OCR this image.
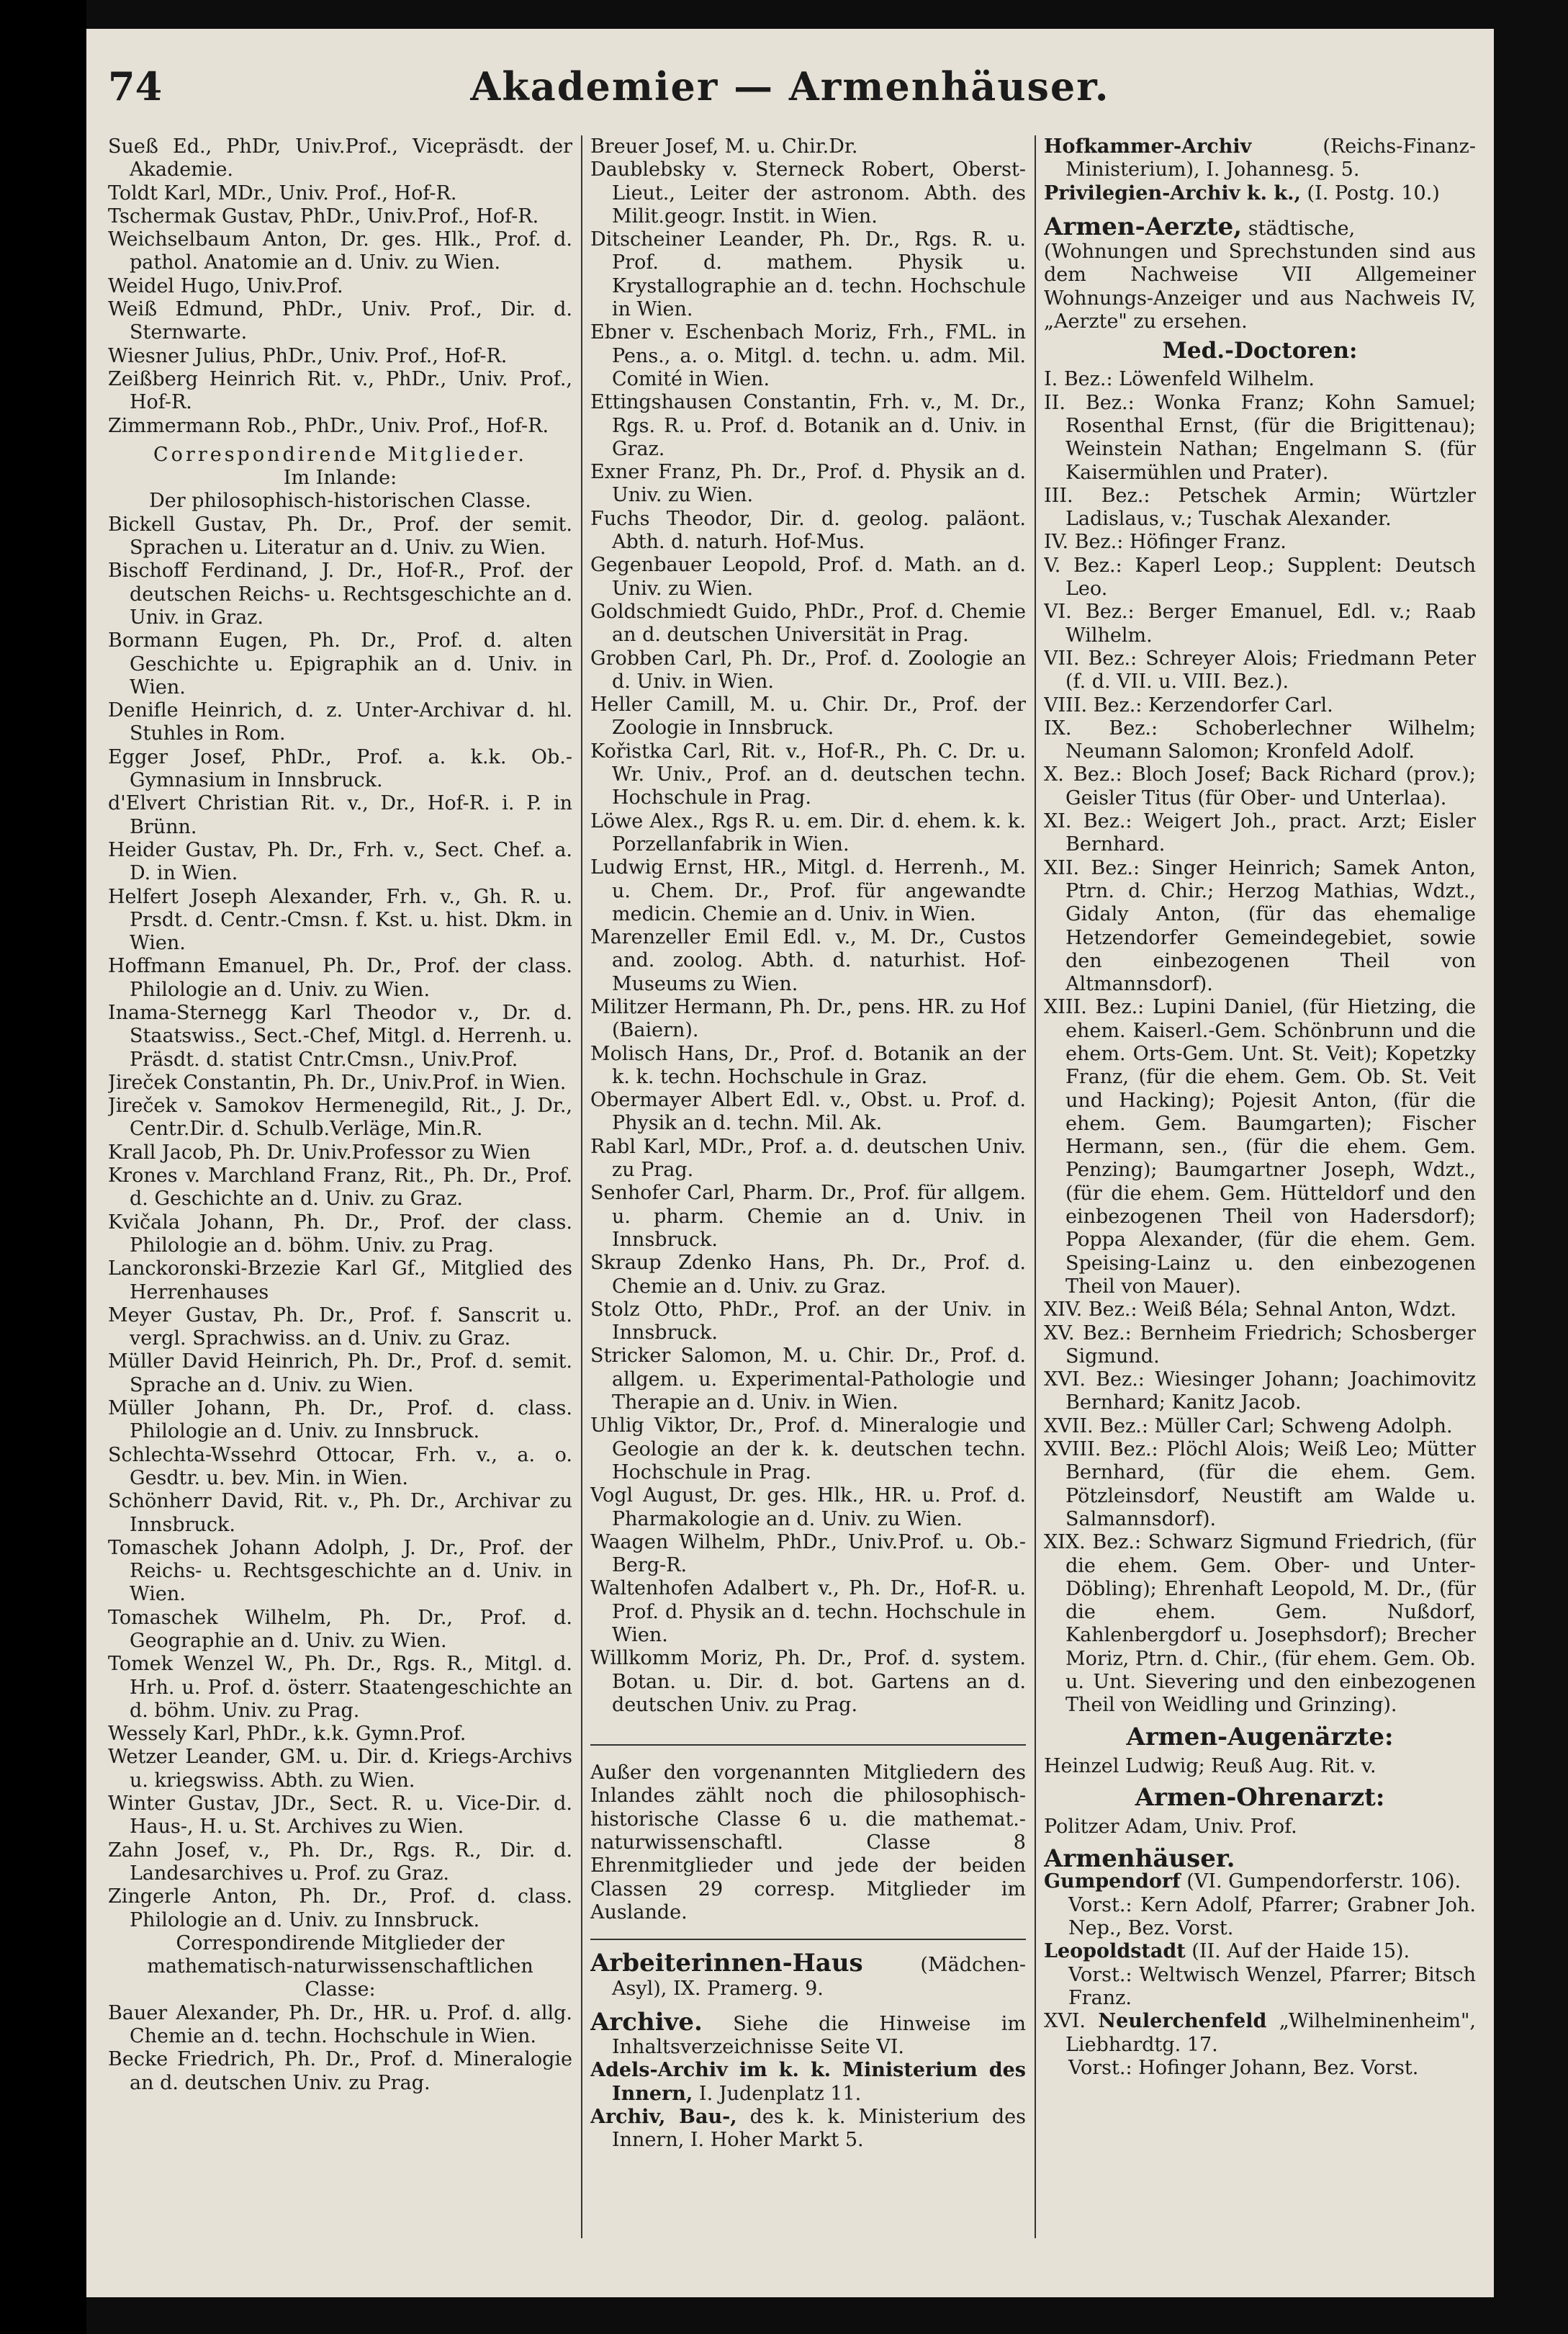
74	Akademier — Armenhäuser.
Sueß Ed., PhDr, Univ.Prof., Vicepräsdt. der Akademie.
Toldt Karl, MDr., Univ. Prof., Hof-R.
Tschermak Gustav, PhDr., Univ.Prof., Hof-R.
Weichselbaum Anton, Dr. ges. Hlk., Prof. d. pathol. Anatomie an d. Univ. zu Wien.
Weidel Hugo, Univ.Prof.
Weiß Edmund, PhDr., Univ. Prof., Dir. d. Sternwarte.
Wiesner Julius, PhDr., Univ. Prof., Hof-R.
Zeißberg Heinrich Rit. v., PhDr., Univ. Prof., Hof-R.
Zimmermann Rob., PhDr., Univ. Prof., Hof-R.
Correspondirende Mitglieder.
Im Inlande:
Der philosophisch-historischen Classe.
Bickell Gustav, Ph. Dr., Prof. der semit. Sprachen u. Literatur an d. Univ. zu Wien.
Bischoff Ferdinand, J. Dr., Hof-R., Prof. der deutschen Reichs- u. Rechtsgeschichte an d. Univ. in Graz.
Bormann Eugen, Ph. Dr., Prof. d. alten Geschichte u. Epigraphik an d. Univ. in Wien.
Denifle Heinrich, d. z. Unter-Archivar d. hl. Stuhles in Rom.
Egger Josef, PhDr., Prof. a. k.k. Ob.-Gymnasium in Innsbruck.
d'Elvert Christian Rit. v., Dr., Hof-R. i. P. in Brünn.
Heider Gustav, Ph. Dr., Frh. v., Sect. Chef. a. D. in Wien.
Helfert Joseph Alexander, Frh. v., Gh. R. u. Prsdt. d. Centr.-Cmsn. f. Kst. u. hist. Dkm. in Wien.
Hoffmann Emanuel, Ph. Dr., Prof. der class. Philologie an d. Univ. zu Wien.
Inama-Sternegg Karl Theodor v., Dr. d. Staatswiss., Sect.-Chef, Mitgl. d. Herrenh. u. Präsdt. d. statist Cntr.Cmsn., Univ.Prof.
Jireček Constantin, Ph. Dr., Univ.Prof. in Wien.
Jireček v. Samokov Hermenegild, Rit., J. Dr., Centr.Dir. d. Schulb.Verläge, Min.R.
Krall Jacob, Ph. Dr. Univ.Professor zu Wien
Krones v. Marchland Franz, Rit., Ph. Dr., Prof. d. Geschichte an d. Univ. zu Graz.
Kvičala Johann, Ph. Dr., Prof. der class. Philologie an d. böhm. Univ. zu Prag.
Lanckoronski-Brzezie Karl Gf., Mitglied des Herrenhauses
Meyer Gustav, Ph. Dr., Prof. f. Sanscrit u. vergl. Sprachwiss. an d. Univ. zu Graz.
Müller David Heinrich, Ph. Dr., Prof. d. semit. Sprache an d. Univ. zu Wien.
Müller Johann, Ph. Dr., Prof. d. class. Philologie an d. Univ. zu Innsbruck.
Schlechta-Wssehrd Ottocar, Frh. v., a. o. Gesdtr. u. bev. Min. in Wien.
Schönherr David, Rit. v., Ph. Dr., Archivar zu Innsbruck.
Tomaschek Johann Adolph, J. Dr., Prof. der Reichs- u. Rechtsgeschichte an d. Univ. in Wien.
Tomaschek Wilhelm, Ph. Dr., Prof. d. Geographie an d. Univ. zu Wien.
Tomek Wenzel W., Ph. Dr., Rgs. R., Mitgl. d. Hrh. u. Prof. d. österr. Staatengeschichte an d. böhm. Univ. zu Prag.
Wessely Karl, PhDr., k.k. Gymn.Prof.
Wetzer Leander, GM. u. Dir. d. Kriegs-Archivs u. kriegswiss. Abth. zu Wien.
Winter Gustav, JDr., Sect. R. u. Vice-Dir. d. Haus-, H. u. St. Archives zu Wien.
Zahn Josef, v., Ph. Dr., Rgs. R., Dir. d. Landesarchives u. Prof. zu Graz.
Zingerle Anton, Ph. Dr., Prof. d. class. Philologie an d. Univ. zu Innsbruck.
Correspondirende Mitglieder der mathematisch-naturwissenschaftlichen Classe:
Bauer Alexander, Ph. Dr., HR. u. Prof. d. allg. Chemie an d. techn. Hochschule in Wien.
Becke Friedrich, Ph. Dr., Prof. d. Mineralogie an d. deutschen Univ. zu Prag.
Breuer Josef, M. u. Chir.Dr.
Daublebsky v. Sterneck Robert, Oberst-Lieut., Leiter der astronom. Abth. des Milit.geogr. Instit. in Wien.
Ditscheiner Leander, Ph. Dr., Rgs. R. u. Prof. d. mathem. Physik u. Krystallographie an d. techn. Hochschule in Wien.
Ebner v. Eschenbach Moriz, Frh., FML. in Pens., a. o. Mitgl. d. techn. u. adm. Mil. Comité in Wien.
Ettingshausen Constantin, Frh. v., M. Dr., Rgs. R. u. Prof. d. Botanik an d. Univ. in Graz.
Exner Franz, Ph. Dr., Prof. d. Physik an d. Univ. zu Wien.
Fuchs Theodor, Dir. d. geolog. paläont. Abth. d. naturh. Hof-Mus.
Gegenbauer Leopold, Prof. d. Math. an d. Univ. zu Wien.
Goldschmiedt Guido, PhDr., Prof. d. Chemie an d. deutschen Universität in Prag.
Grobben Carl, Ph. Dr., Prof. d. Zoologie an d. Univ. in Wien.
Heller Camill, M. u. Chir. Dr., Prof. der Zoologie in Innsbruck.
Kořistka Carl, Rit. v., Hof-R., Ph. C. Dr. u. Wr. Univ., Prof. an d. deutschen techn. Hochschule in Prag.
Löwe Alex., Rgs R. u. em. Dir. d. ehem. k. k. Porzellanfabrik in Wien.
Ludwig Ernst, HR., Mitgl. d. Herrenh., M. u. Chem. Dr., Prof. für angewandte medicin. Chemie an d. Univ. in Wien.
Marenzeller Emil Edl. v., M. Dr., Custos and. zoolog. Abth. d. naturhist. Hof-Museums zu Wien.
Militzer Hermann, Ph. Dr., pens. HR. zu Hof (Baiern).
Molisch Hans, Dr., Prof. d. Botanik an der k. k. techn. Hochschule in Graz.
Obermayer Albert Edl. v., Obst. u. Prof. d. Physik an d. techn. Mil. Ak.
Rabl Karl, MDr., Prof. a. d. deutschen Univ. zu Prag.
Senhofer Carl, Pharm. Dr., Prof. für allgem. u. pharm. Chemie an d. Univ. in Innsbruck.
Skraup Zdenko Hans, Ph. Dr., Prof. d. Chemie an d. Univ. zu Graz.
Stolz Otto, PhDr., Prof. an der Univ. in Innsbruck.
Stricker Salomon, M. u. Chir. Dr., Prof. d. allgem. u. Experimental-Pathologie und Therapie an d. Univ. in Wien.
Uhlig Viktor, Dr., Prof. d. Mineralogie und Geologie an der k. k. deutschen techn. Hochschule in Prag.
Vogl August, Dr. ges. Hlk., HR. u. Prof. d. Pharmakologie an d. Univ. zu Wien.
Waagen Wilhelm, PhDr., Univ.Prof. u. Ob.-Berg-R.
Waltenhofen Adalbert v., Ph. Dr., Hof-R. u. Prof. d. Physik an d. techn. Hochschule in Wien.
Willkomm Moriz, Ph. Dr., Prof. d. system. Botan. u. Dir. d. bot. Gartens an d. deutschen Univ. zu Prag.
Außer den vorgenannten Mitgliedern des Inlandes zählt noch die philosophisch-historische Classe 6 u. die mathemat.-naturwissenschaftl. Classe 8 Ehrenmitglieder und jede der beiden Classen 29 corresp. Mitglieder im Auslande.
Arbeiterinnen-Haus (Mädchen-Asyl), IX. Pramerg. 9.
Archive. Siehe die Hinweise im Inhaltsverzeichnisse Seite VI.
Adels-Archiv im k. k. Ministerium des Innern, I. Judenplatz 11.
Archiv, Bau-, des k. k. Ministerium des Innern, I. Hoher Markt 5.
Hofkammer-Archiv (Reichs-Finanz-Ministerium), I. Johannesg. 5.
Privilegien-Archiv k. k., (I. Postg. 10.)
Armen-Aerzte, städtische,
(Wohnungen und Sprechstunden sind aus dem Nachweise VII Allgemeiner Wohnungs-Anzeiger und aus Nachweis IV, „Aerzte" zu ersehen.
Med.-Doctoren:
I. Bez.: Löwenfeld Wilhelm.
II. Bez.: Wonka Franz; Kohn Samuel; Rosenthal Ernst, (für die Brigittenau); Weinstein Nathan; Engelmann S. (für Kaisermühlen und Prater).
III. Bez.: Petschek Armin; Würtzler Ladislaus, v.; Tuschak Alexander.
IV. Bez.: Höfinger Franz.
V. Bez.: Kaperl Leop.; Supplent: Deutsch Leo.
VI. Bez.: Berger Emanuel, Edl. v.; Raab Wilhelm.
VII. Bez.: Schreyer Alois; Friedmann Peter (f. d. VII. u. VIII. Bez.).
VIII. Bez.: Kerzendorfer Carl.
IX. Bez.: Schoberlechner Wilhelm; Neumann Salomon; Kronfeld Adolf.
X. Bez.: Bloch Josef; Back Richard (prov.); Geisler Titus (für Ober- und Unterlaa).
XI. Bez.: Weigert Joh., pract. Arzt; Eisler Bernhard.
XII. Bez.: Singer Heinrich; Samek Anton, Ptrn. d. Chir.; Herzog Mathias, Wdzt., Gidaly Anton, (für das ehemalige Hetzendorfer Gemeindegebiet, sowie den einbezogenen Theil von Altmannsdorf).
XIII. Bez.: Lupini Daniel, (für Hietzing, die ehem. Kaiserl.-Gem. Schönbrunn und die ehem. Orts-Gem. Unt. St. Veit); Kopetzky Franz, (für die ehem. Gem. Ob. St. Veit und Hacking); Pojesit Anton, (für die ehem. Gem. Baumgarten); Fischer Hermann, sen., (für die ehem. Gem. Penzing); Baumgartner Joseph, Wdzt., (für die ehem. Gem. Hütteldorf und den einbezogenen Theil von Hadersdorf); Poppa Alexander, (für die ehem. Gem. Speising-Lainz u. den einbezogenen Theil von Mauer).
XIV. Bez.: Weiß Béla; Sehnal Anton, Wdzt.
XV. Bez.: Bernheim Friedrich; Schosberger Sigmund.
XVI. Bez.: Wiesinger Johann; Joachimovitz Bernhard; Kanitz Jacob.
XVII. Bez.: Müller Carl; Schweng Adolph.
XVIII. Bez.: Plöchl Alois; Weiß Leo; Mütter Bernhard, (für die ehem. Gem. Pötzleinsdorf, Neustift am Walde u. Salmannsdorf).
XIX. Bez.: Schwarz Sigmund Friedrich, (für die ehem. Gem. Ober- und Unter-Döbling); Ehrenhaft Leopold, M. Dr., (für die ehem. Gem. Nußdorf, Kahlenbergdorf u. Josephsdorf); Brecher Moriz, Ptrn. d. Chir., (für ehem. Gem. Ob. u. Unt. Sievering und den einbezogenen Theil von Weidling und Grinzing).
Armen-Augenärzte:
Heinzel Ludwig; Reuß Aug. Rit. v.
Armen-Ohrenarzt:
Politzer Adam, Univ. Prof.
Armenhäuser.
Gumpendorf (VI. Gumpendorferstr. 106).
Vorst.: Kern Adolf, Pfarrer; Grabner Joh. Nep., Bez. Vorst.
Leopoldstadt (II. Auf der Haide 15).
Vorst.: Weltwisch Wenzel, Pfarrer; Bitsch Franz.
XVI. Neulerchenfeld „Wilhelminenheim", Liebhardtg. 17.
Vorst.: Hofinger Johann, Bez. Vorst.
